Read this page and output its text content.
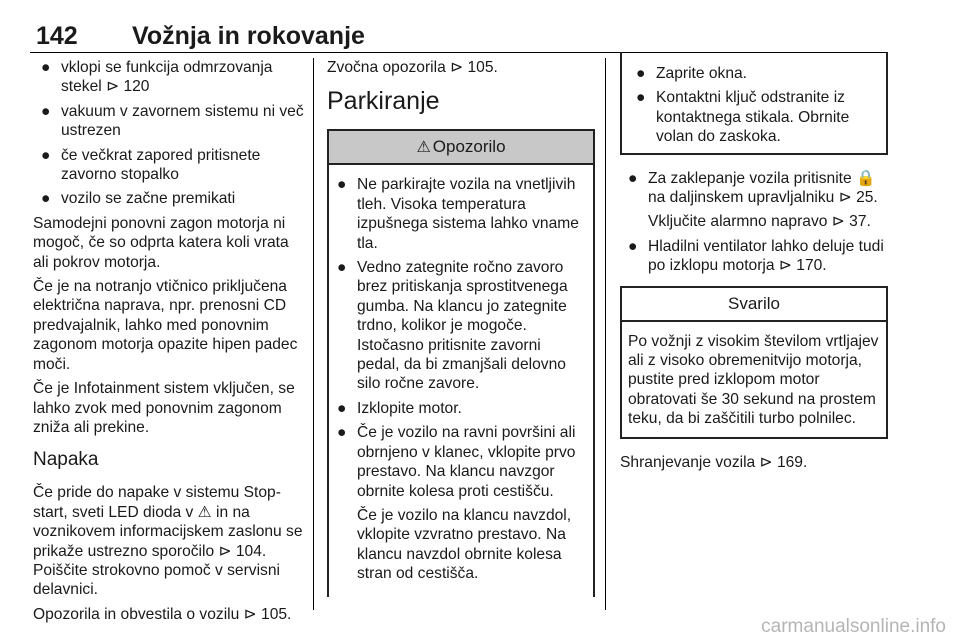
142 Vožnja in rokovanje
● vklopi se funkcija odmrzovanja stekel ⊳ 120
● vakuum v zavornem sistemu ni več ustrezen
● če večkrat zapored pritisnete zavorno stopalko
● vozilo se začne premikati

Samodejni ponovni zagon motorja ni mogoč, če so odprta katera koli vrata ali pokrov motorja.

Če je na notranjo vtičnico priključena električna naprava, npr. prenosni CD predvajalnik, lahko med ponovnim zagonom motorja opazite hipen padec moči.

Če je Infotainment sistem vključen, se lahko zvok med ponovnim zagonom zniža ali prekine.

Napaka

Če pride do napake v sistemu Stop-start, sveti LED dioda v ⚠ in na voznikovem informacijskem zaslonu se prikaže ustrezno sporočilo ⊳ 104. Poiščite strokovno pomoč v servisni delavnici.

Opozorila in obvestila o vozilu ⊳ 105.

Zvočna opozorila ⊳ 105.

Parkiranje
⚠ Opozorilo
● Ne parkirajte vozila na vnetljivih tleh. Visoka temperatura izpušnega sistema lahko vname tla.
● Vedno zategnite ročno zavoro brez pritiskanja sprostitvenega gumba. Na klancu jo zategnite trdno, kolikor je mogoče. Istočasno pritisnite zavorni pedal, da bi zmanjšali delovno silo ročne zavore.
● Izklopite motor.
● Če je vozilo na ravni površini ali obrnjeno v klanec, vklopite prvo prestavo. Na klancu navzgor obrnite kolesa proti cestišču.
Če je vozilo na klancu navzdol, vklopite vzvratno prestavo. Na klancu navzdol obrnite kolesa stran od cestišča.
● Zaprite okna.
● Kontaktni ključ odstranite iz kontaktnega stikala. Obrnite volan do zaskoka.
● Za zaklepanje vozila pritisnite 🔒 na daljinskem upravljalniku ⊳ 25.
Vključite alarmno napravo ⊳ 37.
● Hladilni ventilator lahko deluje tudi po izklopu motorja ⊳ 170.
Svarilo
Po vožnji z visokim številom vrtljajev ali z visoko obremenitvijo motorja, pustite pred izklopom motor obratovati še 30 sekund na prostem teku, da bi zaščitili turbo polnilec.

Shranjevanje vozila ⊳ 169.

carmanualsonline.info
